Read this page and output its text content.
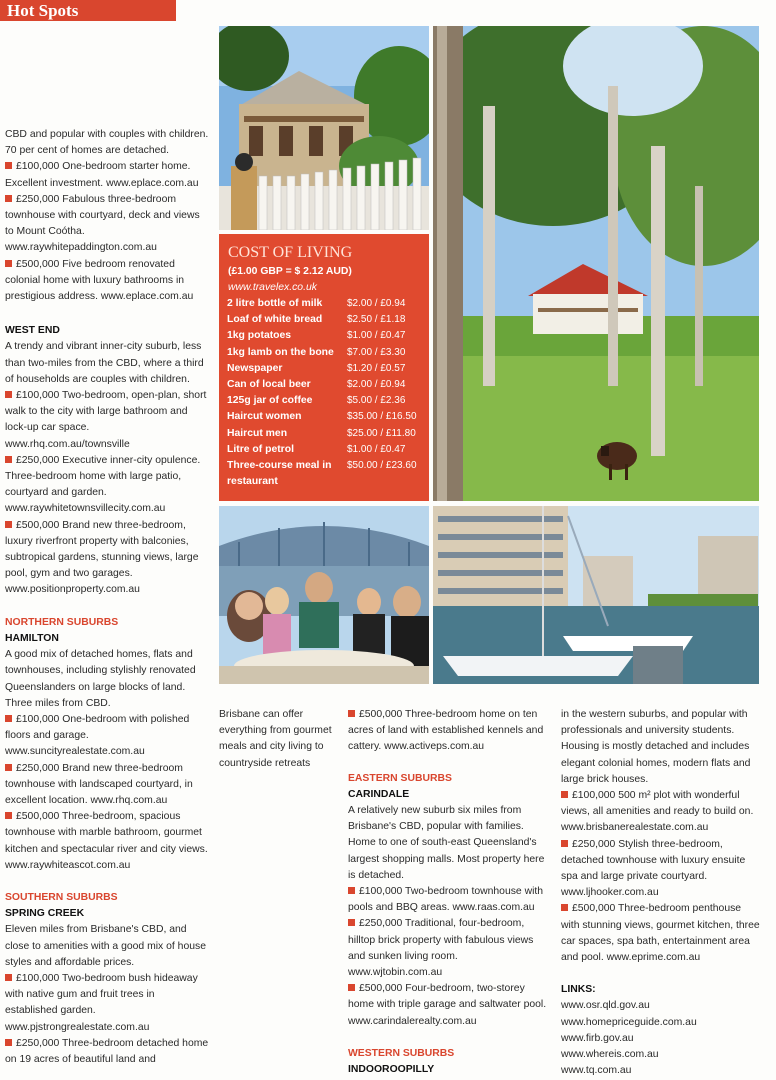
Hot Spots

CBD and popular with couples with children. 70 per cent of homes are detached.

£100,000 One-bedroom starter home. Excellent investment. www.eplace.com.au

£250,000 Fabulous three-bedroom townhouse with courtyard, deck and views to Mount Coótha. www.raywhitepaddington.com.au

£500,000 Five bedroom renovated colonial home with luxury bathrooms in prestigious address. www.eplace.com.au

WEST END

A trendy and vibrant inner-city suburb, less than two-miles from the CBD, where a third of households are couples with children.

£100,000 Two-bedroom, open-plan, short walk to the city with large bathroom and lock-up car space. www.rhq.com.au/townsville

£250,000 Executive inner-city opulence. Three-bedroom home with large patio, courtyard and garden. www.raywhitetownsvillecity.com.au

£500,000 Brand new three-bedroom, luxury riverfront property with balconies, subtropical gardens, stunning views, large pool, gym and two garages. www.positionproperty.com.au

NORTHERN SUBURBS

HAMILTON

A good mix of detached homes, flats and townhouses, including stylishly renovated Queenslanders on large blocks of land. Three miles from CBD.

£100,000 One-bedroom with polished floors and garage. www.suncityrealestate.com.au

£250,000 Brand new three-bedroom townhouse with landscaped courtyard, in excellent location. www.rhq.com.au

£500,000 Three-bedroom, spacious townhouse with marble bathroom, gourmet kitchen and spectacular river and city views. www.raywhiteascot.com.au

SOUTHERN SUBURBS

SPRING CREEK

Eleven miles from Brisbane's CBD, and close to amenities with a good mix of house styles and affordable prices.

£100,000 Two-bedroom bush hideaway with native gum and fruit trees in established garden. www.pjstrongrealestate.com.au

£250,000 Three-bedroom detached home on 19 acres of beautiful land and

COST OF LIVING
(£1.00 GBP = $ 2.12 AUD)
www.travelex.co.uk
2 litre bottle of milk	$2.00 / £0.94
Loaf of white bread	$2.50 / £1.18
1kg potatoes	$1.00 / £0.47
1kg lamb on the bone	$7.00 / £3.30
Newspaper	$1.20 / £0.57
Can of local beer	$2.00 / £0.94
125g jar of coffee	$5.00 / £2.36
Haircut women	$35.00 / £16.50
Haircut men	$25.00 / £11.80
Litre of petrol	$1.00 / £0.47
Three-course meal in restaurant	$50.00 / £23.60

Brisbane can offer everything from gourmet meals and city living to countryside retreats

£500,000 Three-bedroom home on ten acres of land with established kennels and cattery. www.activeps.com.au

EASTERN SUBURBS

CARINDALE

A relatively new suburb six miles from Brisbane's CBD, popular with families. Home to one of south-east Queensland's largest shopping malls. Most property here is detached.

£100,000 Two-bedroom townhouse with pools and BBQ areas. www.raas.com.au

£250,000 Traditional, four-bedroom, hilltop brick property with fabulous views and sunken living room. www.wjtobin.com.au

£500,000 Four-bedroom, two-storey home with triple garage and saltwater pool. www.carindalerealty.com.au

WESTERN SUBURBS

INDOOROOPILLY

in the western suburbs, and popular with professionals and university students. Housing is mostly detached and includes elegant colonial homes, modern flats and large brick houses.

£100,000 500 m² plot with wonderful views, all amenities and ready to build on. www.brisbanerealestate.com.au

£250,000 Stylish three-bedroom, detached townhouse with luxury ensuite spa and large private courtyard. www.ljhooker.com.au

£500,000 Three-bedroom penthouse with stunning views, gourmet kitchen, three car spaces, spa bath, entertainment area and pool. www.eprime.com.au

LINKS:

www.osr.qld.gov.au

www.homepriceguide.com.au

www.firb.gov.au

www.whereis.com.au

www.tq.com.au
